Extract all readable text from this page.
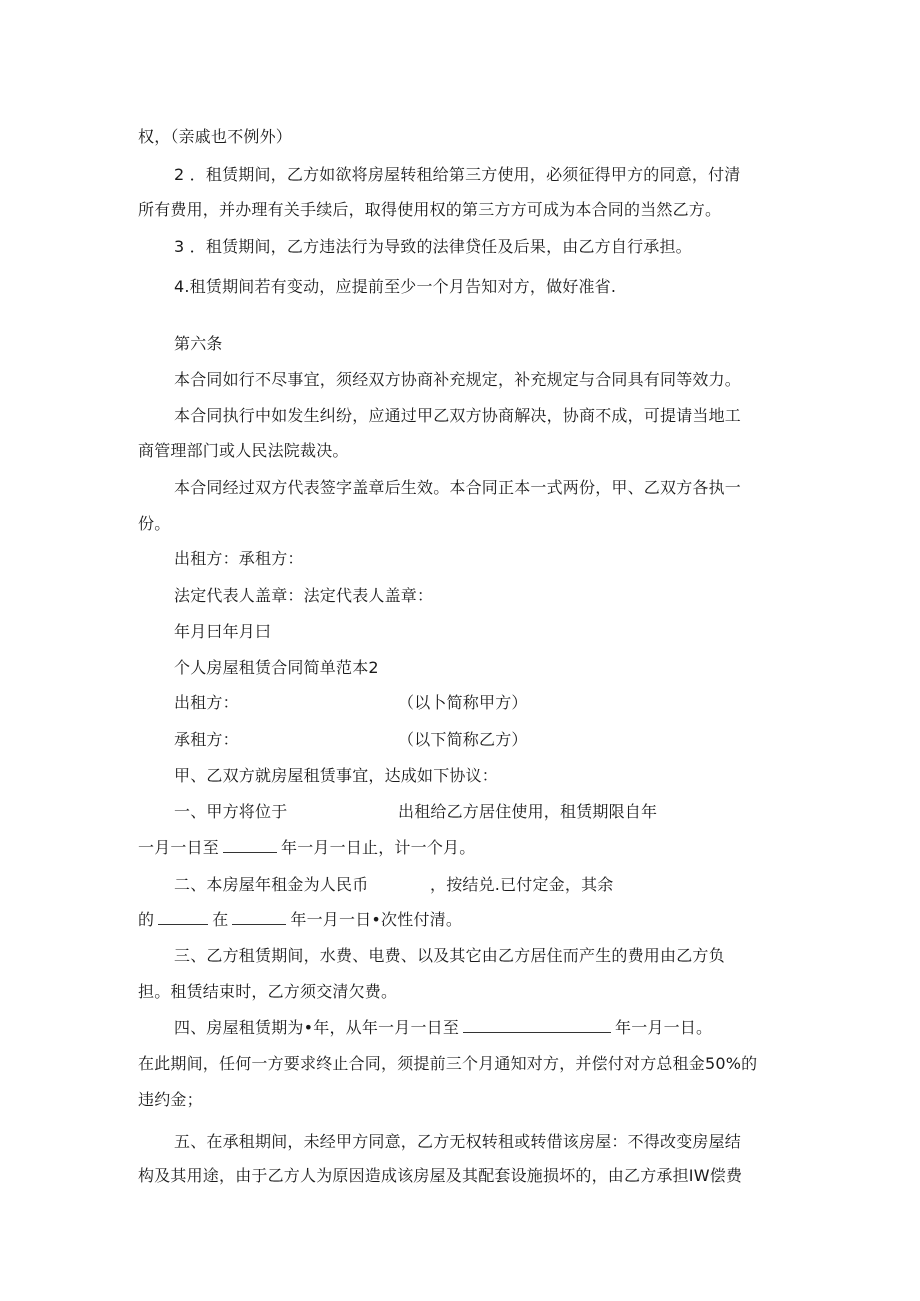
权，（亲戚也不例外）
2 ．租赁期间，乙方如欲将房屋转租给第三方使用，必须征得甲方的同意，付清
所有费用，并办理有关手续后，取得使用权的第三方方可成为本合同的当然乙方。
3 ．租赁期间，乙方违法行为导致的法律贷任及后果，由乙方自行承担。
4.租赁期间若有变动，应提前至少一个月告知对方，做好准省.
第六条
本合同如行不尽事宜，须经双方协商补充规定，补充规定与合同具有同等效力。
本合同执行中如发生纠纷，应通过甲乙双方协商解决，协商不成，可提请当地工
商管理部门或人民法院裁决。
本合同经过双方代表签字盖章后生效。本合同正本一式两份，甲、乙双方各执一
份。
出租方：承租方：
法定代表人盖章：法定代表人盖章：
年月曰年月曰
个人房屋租赁合同简单范本2
出租方：	（以卜简称甲方）
承租方：	（以下简称乙方）
甲、乙双方就房屋租赁事宜，达成如下协议：
一、甲方将位于	出租给乙方居住使用，租赁期限自年
一月一日至	年一月一日止，计一个月。
二、本房屋年租金为人民币	，按结兑.已付定金，其余
的	在	年一月一日•次性付清。
三、乙方租赁期间，水费、电费、以及其它由乙方居住而产生的费用由乙方负
担。租赁结束时，乙方须交清欠费。
四、房屋租赁期为•年，从年一月一日至	年一月一日。
在此期间，任何一方要求终止合同，须提前三个月通知对方，并偿付对方总租金50%的
违约金；
五、在承租期间，未经甲方同意，乙方无权转租或转借该房屋：不得改变房屋结
构及其用途，由于乙方人为原因造成该房屋及其配套设施损坏的，由乙方承担IW偿费
